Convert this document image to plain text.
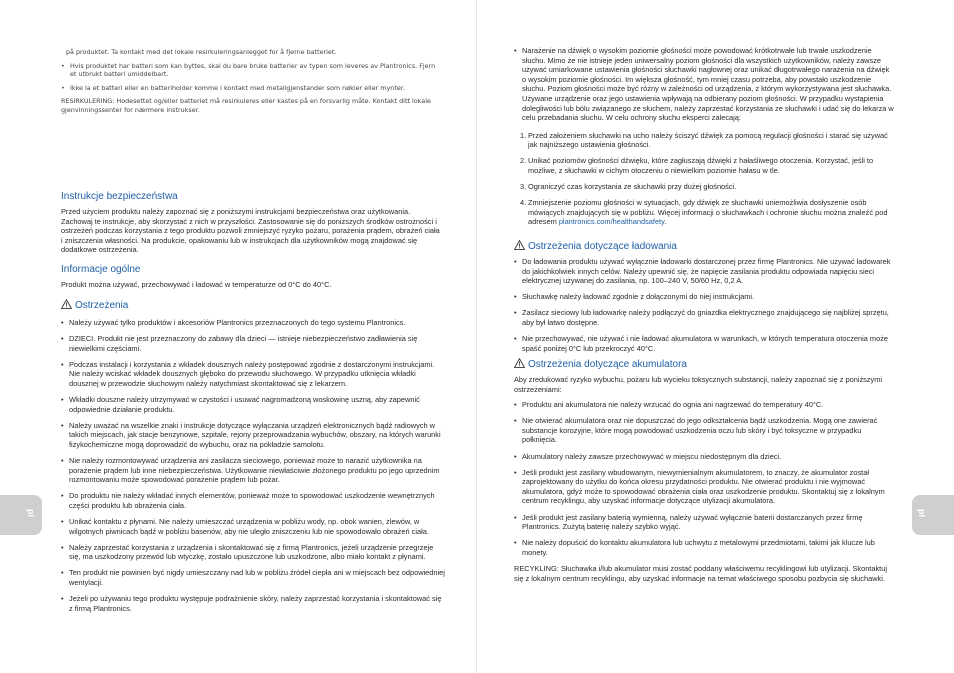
på produktet. Ta kontakt med det lokale resirkuleringsanlegget for å fjerne batteriet.

• Hvis produktet har batteri som kan byttes, skal du bare bruke batterier av typen som leveres av Plantronics. Fjern et utbrukt batteri umiddelbart.

• Ikke la et batteri eller en batteriholder komme i kontakt med metallgjenstander som nøkler eller mynter.

RESIRKULERING: Hodesettet og/eller batteriet må resirkuleres eller kastes på en forsvarlig måte. Kontakt ditt lokale gjenvinningssenter for nærmere instrukser.

Instrukcje bezpieczeństwa

Przed użyciem produktu należy zapoznać się z poniższymi instrukcjami bezpieczeństwa oraz użytkowania. Zachowaj te instrukcje, aby skorzystać z nich w przyszłości. Zastosowanie się do poniższych środków ostrożności i ostrzeżeń podczas korzystania z tego produktu pozwoli zmniejszyć ryzyko pożaru, porażenia prądem, obrażeń ciała i zniszczenia własności. Na produkcie, opakowaniu lub w instrukcjach dla użytkowników mogą znajdować się dodatkowe ostrzeżenia.

Informacje ogólne

Produkt można używać, przechowywać i ładować w temperaturze od 0°C do 40°C.

Ostrzeżenia
• Należy używać tylko produktów i akcesoriów Plantronics przeznaczonych do tego systemu Plantronics.
• DZIECI. Produkt nie jest przeznaczony do zabawy dla dzieci — istnieje niebezpieczeństwo zadławienia się niewielkimi częściami.
• Podczas instalacji i korzystania z wkładek dousznych należy postępować zgodnie z dostarczonymi instrukcjami. Nie należy wciskać wkładek dousznych głęboko do przewodu słuchowego. W przypadku utknięcia wkładki dousznej w przewodzie słuchowym należy natychmiast skontaktować się z lekarzem.
• Wkładki douszne należy utrzymywać w czystości i usuwać nagromadzoną woskowinę uszną, aby zapewnić odpowiednie działanie produktu.
• Należy uważać na wszelkie znaki i instrukcje dotyczące wyłączania urządzeń elektronicznych bądź radiowych w takich miejscach, jak stacje benzynowe, szpitale, rejony przeprowadzania wybuchów, obszary, na których warunki fizykochemiczne mogą doprowadzić do wybuchu, oraz na pokładzie samolotu.
• Nie należy rozmontowywać urządzenia ani zasilacza sieciowego, ponieważ może to narazić użytkownika na porażenie prądem lub inne niebezpieczeństwa. Użytkowanie niewłaściwie złożonego produktu po jego uprzednim rozmontowaniu może spowodować porażenie prądem lub pożar.
• Do produktu nie należy wkładać innych elementów, ponieważ może to spowodować uszkodzenie wewnętrznych części produktu lub obrażenia ciała.
• Unikać kontaktu z płynami. Nie należy umieszczać urządzenia w pobliżu wody, np. obok wanien, zlewów, w wilgotnych piwnicach bądź w pobliżu basenów, aby nie uległo zniszczeniu lub nie spowodowało obrażeń ciała.
• Należy zaprzestać korzystania z urządzenia i skontaktować się z firmą Plantronics, jeżeli urządzenie przegrzeje się, ma uszkodzony przewód lub wtyczkę, zostało upuszczone lub uszkodzone, albo miało kontakt z płynami.
• Ten produkt nie powinien być nigdy umieszczany nad lub w pobliżu źródeł ciepła ani w miejscach bez odpowiedniej wentylacji.
• Jeżeli po używaniu tego produktu występuje podrażnienie skóry, należy zaprzestać korzystania i skontaktować się z firmą Plantronics.
pl	pl
• Narażenie na dźwięk o wysokim poziomie głośności może powodować krótkotrwałe lub trwałe uszkodzenie słuchu. Mimo że nie istnieje jeden uniwersalny poziom głośności dla wszystkich użytkowników, należy zawsze używać umiarkowane ustawienia głośności słuchawki nagłownej oraz unikać długotrwałego narażenia na dźwięk o wysokim poziomie głośności. Im większa głośność, tym mniej czasu potrzeba, aby powstało uszkodzenie słuchu. Poziom głośności może być różny w zależności od urządzenia, z którym wykorzystywana jest słuchawka. Używane urządzenie oraz jego ustawienia wpływają na odbierany poziom głośności. W przypadku wystąpienia dolegliwości lub bólu związanego ze słuchem, należy zaprzestać korzystania ze słuchawki i udać się do lekarza w celu przebadania słuchu. W celu ochrony słuchu eksperci zalecają:
1. Przed założeniem słuchawki na ucho należy ściszyć dźwięk za pomocą regulacji głośności i starać się używać jak najniższego ustawienia głośności.
2. Unikać poziomów głośności dźwięku, które zagłuszają dźwięki z hałaśliwego otoczenia. Korzystać, jeśli to możliwe, z słuchawki w cichym otoczeniu o niewielkim poziomie hałasu w tle.
3. Ograniczyć czas korzystania ze słuchawki przy dużej głośności.
4. Zmniejszenie poziomu głośności w sytuacjach, gdy dźwięk ze słuchawki uniemożliwia dosłyszenie osób mówiących znajdujących się w pobliżu. Więcej informacji o słuchawkach i ochronie słuchu można znaleźć pod adresem plantronics.com/healthandsafety.
Ostrzeżenia dotyczące ładowania
• Do ładowania produktu używać wyłącznie ładowarki dostarczonej przez firmę Plantronics. Nie używać ładowarek do jakichkolwiek innych celów. Należy upewnić się, że napięcie zasilania produktu odpowiada napięciu sieci elektrycznej używanej do zasilania, np. 100–240 V, 50/60 Hz, 0,2 A.
• Słuchawkę należy ładować zgodnie z dołączonymi do niej instrukcjami.
• Zasilacz sieciowy lub ładowarkę należy podłączyć do gniazdka elektrycznego znajdującego się najbliżej sprzętu, aby był łatwo dostępne.
• Nie przechowywać, nie używać i nie ładować akumulatora w warunkach, w których temperatura otoczenia może spaść poniżej 0°C lub przekroczyć 40°C.
Ostrzeżenia dotyczące akumulatora

Aby zredukować ryzyko wybuchu, pożaru lub wycieku toksycznych substancji, należy zapoznać się z poniższymi ostrzeżeniami:

• Produktu ani akumulatora nie należy wrzucać do ognia ani nagrzewać do temperatury 40°C.
• Nie otwierać akumulatora oraz nie dopuszczać do jego odkształcenia bądź uszkodzenia. Mogą one zawierać substancje korozyjne, które mogą powodować uszkodzenia oczu lub skóry i być toksyczne w przypadku połknięcia.
• Akumulatory należy zawsze przechowywać w miejscu niedostępnym dla dzieci.
• Jeśli produkt jest zasilany wbudowanym, niewymienialnym akumulatorem, to znaczy, że akumulator został zaprojektowany do użytku do końca okresu przydatności produktu. Nie otwierać produktu i nie wyjmować akumulatora, gdyż może to spowodować obrażenia ciała oraz uszkodzenie produktu. Skontaktuj się z lokalnym centrum recyklingu, aby uzyskać informacje dotyczące utylizacji akumulatora.
• Jeśli produkt jest zasilany baterią wymienną, należy używać wyłącznie baterii dostarczanych przez firmę Plantronics. Zużytą baterię należy szybko wyjąć.
• Nie należy dopuścić do kontaktu akumulatora lub uchwytu z metalowymi przedmiotami, takimi jak klucze lub monety.

RECYKLING: Słuchawka i/lub akumulator musi zostać poddany właściwemu recyklingowi lub utylizacji. Skontaktuj się z lokalnym centrum recyklingu, aby uzyskać informacje na temat właściwego sposobu pozbycia się słuchawki.
